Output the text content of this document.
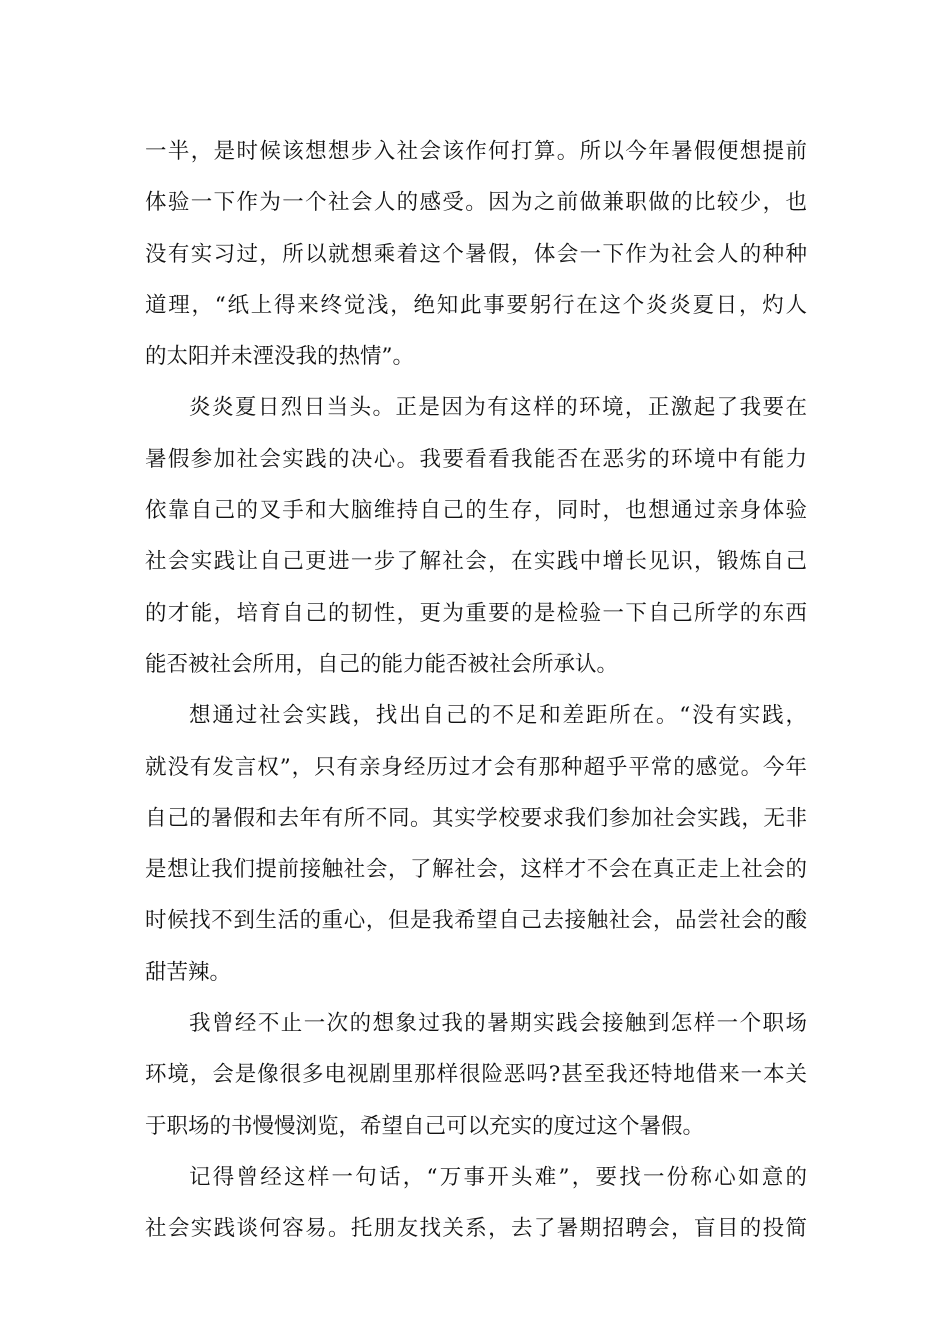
一半，是时候该想想步入社会该作何打算。所以今年暑假便想提前
体验一下作为一个社会人的感受。因为之前做兼职做的比较少，也
没有实习过，所以就想乘着这个暑假，体会一下作为社会人的种种
道理，“纸上得来终觉浅，绝知此事要躬行在这个炎炎夏日，灼人
的太阳并未湮没我的热情”。
炎炎夏日烈日当头。正是因为有这样的环境，正激起了我要在
暑假参加社会实践的决心。我要看看我能否在恶劣的环境中有能力
依靠自己的叉手和大脑维持自己的生存，同时，也想通过亲身体验
社会实践让自己更进一步了解社会，在实践中增长见识，锻炼自己
的才能，培育自己的韧性，更为重要的是检验一下自己所学的东西
能否被社会所用，自己的能力能否被社会所承认。
想通过社会实践，找出自己的不足和差距所在。“没有实践，
就没有发言权”，只有亲身经历过才会有那种超乎平常的感觉。今年
自己的暑假和去年有所不同。其实学校要求我们参加社会实践，无非
是想让我们提前接触社会，了解社会，这样才不会在真正走上社会的
时候找不到生活的重心，但是我希望自己去接触社会，品尝社会的酸
甜苦辣。
我曾经不止一次的想象过我的暑期实践会接触到怎样一个职场
环境，会是像很多电视剧里那样很险恶吗?甚至我还特地借来一本关
于职场的书慢慢浏览，希望自己可以充实的度过这个暑假。
记得曾经这样一句话，“万事开头难”，要找一份称心如意的
社会实践谈何容易。托朋友找关系，去了暑期招聘会，盲目的投简
